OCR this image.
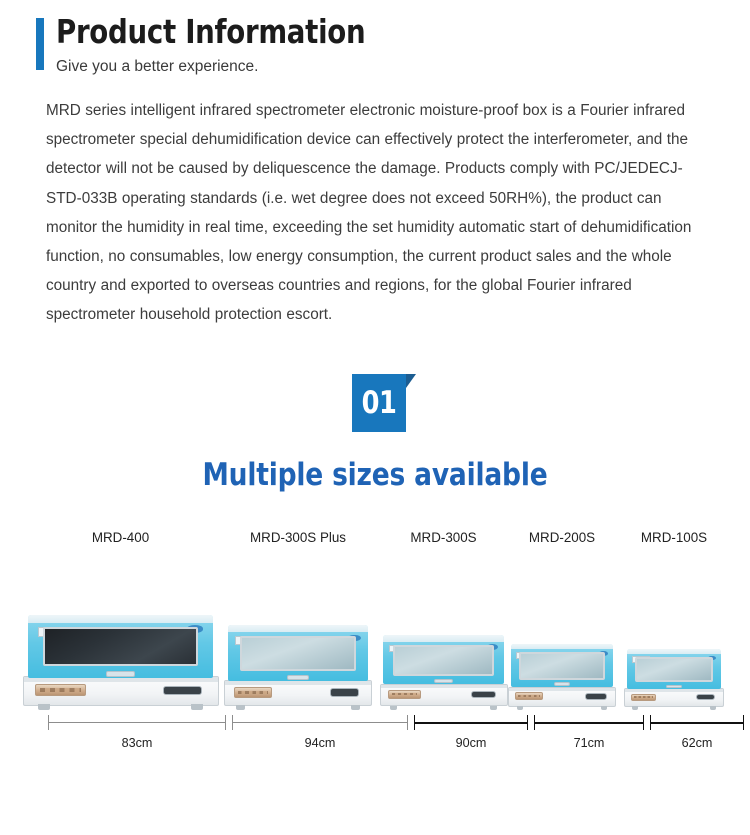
Product Information
Give you a better experience.
MRD series intelligent infrared spectrometer electronic moisture-proof box is a Fourier infrared spectrometer special dehumidification device can effectively protect the interferometer, and the detector will not be caused by deliquescence the damage. Products comply with PC/JEDECJ-STD-033B operating standards (i.e. wet degree does not exceed 50RH%), the product can monitor the humidity in real time, exceeding the set humidity automatic start of dehumidification function, no consumables, low energy consumption, the current product sales and the whole country and exported to overseas countries and regions, for the global Fourier infrared spectrometer household protection escort.
01
Multiple sizes available
MRD-400	MRD-300S Plus	MRD-300S	MRD-200S	MRD-100S
83cm	94cm	90cm	71cm	62cm
